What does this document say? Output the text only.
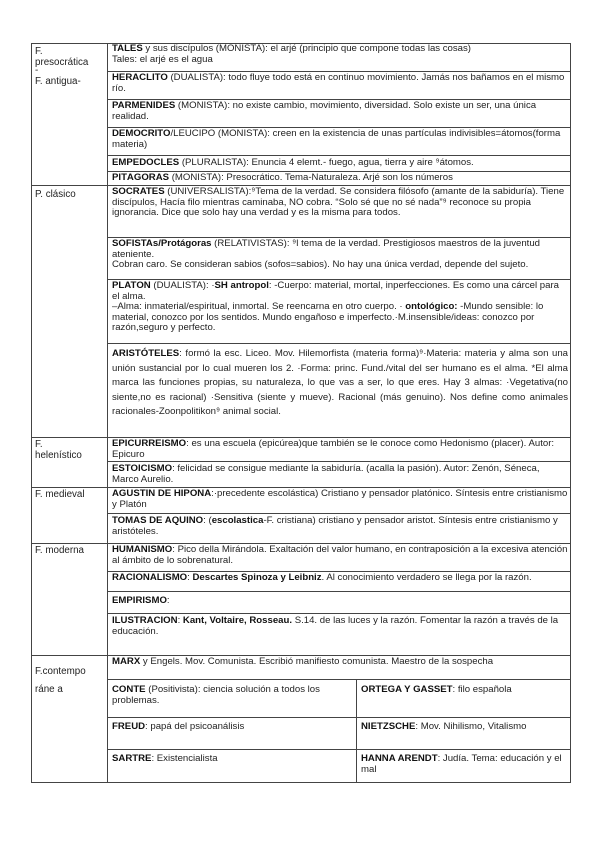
F.
presocrática
-
F. antigua-
P. clásico
F.
helenístico
F. medieval
F. moderna
F.contempo
ráne a
TALES y sus discípulos (MONISTA): el arjé (principio que compone todas las cosas)
Tales: el arjé es el agua
HERÁCLITO (DUALISTA): todo fluye todo está en continuo movimiento. Jamás nos bañamos en el mismo río.
PARMÉNIDES (MONISTA): no existe cambio, movimiento, diversidad. Solo existe un ser, una única realidad.
DEMÓCRITO/LEUCIPO (MONISTA): creen en la existencia de unas partículas indivisibles=átomos(forma materia)
EMPÉDOCLES (PLURALISTA): Enuncia 4 elemt.- fuego, agua, tierra y aire ⁹átomos.
PITÁGORAS (MONISTA): Presocrático. Tema-Naturaleza. Arjé son los números
SÓCRATES (UNIVERSALISTA):⁹Tema de la verdad. Se considera filósofo (amante de la sabiduría). Tiene discípulos, Hacía filo mientras caminaba, NO cobra. “Solo sé que no sé nada”⁹ reconoce su propia ignorancia. Dice que solo hay una verdad y es la misma para todos.
SOFISTAs/Protágoras (RELATIVISTAS): ⁹l tema de la verdad. Prestigiosos maestros de la juventud ateniente.
Cobran caro. Se consideran sabios (sofos=sabios). No hay una única verdad, depende del sujeto.
PLATÓN (DUALISTA): ·SH antropol: -Cuerpo: material, mortal, inperfecciones. Es como una cárcel para el alma.
–Alma: inmaterial/espiritual, inmortal. Se reencarna en otro cuerpo. · ontológico: -Mundo sensible: lo material, conozco por los sentidos. Mundo engañoso e imperfecto.·M.insensible/ideas: conozco por razón,seguro y perfecto.
ARISTÓTELES: formó la esc. Liceo. Mov. Hilemorfista (materia forma)⁹·Materia: materia y alma son una unión sustancial por lo cual mueren los 2. ·Forma: princ. Fund./vital del ser humano es el alma. *El alma marca las funciones propias, su naturaleza, lo que vas a ser, lo que eres. Hay 3 almas: ·Vegetativa(no siente,no es racional) ·Sensitiva (siente y mueve). Racional (más genuino). Nos define como animales racionales-Zoonpolitikon⁹ animal social.
EPICURREISMO: es una escuela (epicúrea)que también se le conoce como Hedonismo (placer). Autor: Epicuro
ESTOICISMO: felicidad se consigue mediante la sabiduría. (acalla la pasión). Autor: Zenón, Séneca, Marco Aurelio.
AGUSTÍN DE HIPONA:·precedente escolástica) Cristiano y pensador platónico. Síntesis entre cristianismo y Platón
TOMÁS DE AQUINO: (escolastica-F. cristiana) cristiano y pensador aristot. Síntesis entre cristianismo y aristóteles.
HUMANISMO: Pico della Mirándola. Exaltación del valor humano, en contraposición a la excesiva atención al ámbito de lo sobrenatural.
RACIONALISMO: Descartes Spinoza y Leibniz. Al conocimiento verdadero se llega por la razón.
EMPIRISMO:
ILUSTRACIÓN: Kant, Voltaire, Rosseau. S.14. de las luces y la razón. Fomentar la razón a través de la educación.
MARX y Engels. Mov. Comunista. Escribió manifiesto comunista. Maestro de la sospecha
CONTE (Positivista): ciencia solución a todos los problemas.
ORTEGA Y GASSET: filo española
FREUD: papá del psicoanálisis	NIETZSCHE: Mov. Nihilismo, Vitalismo
SARTRE: Existencialista	HANNA ARENDT: Judía. Tema: educación y el mal
